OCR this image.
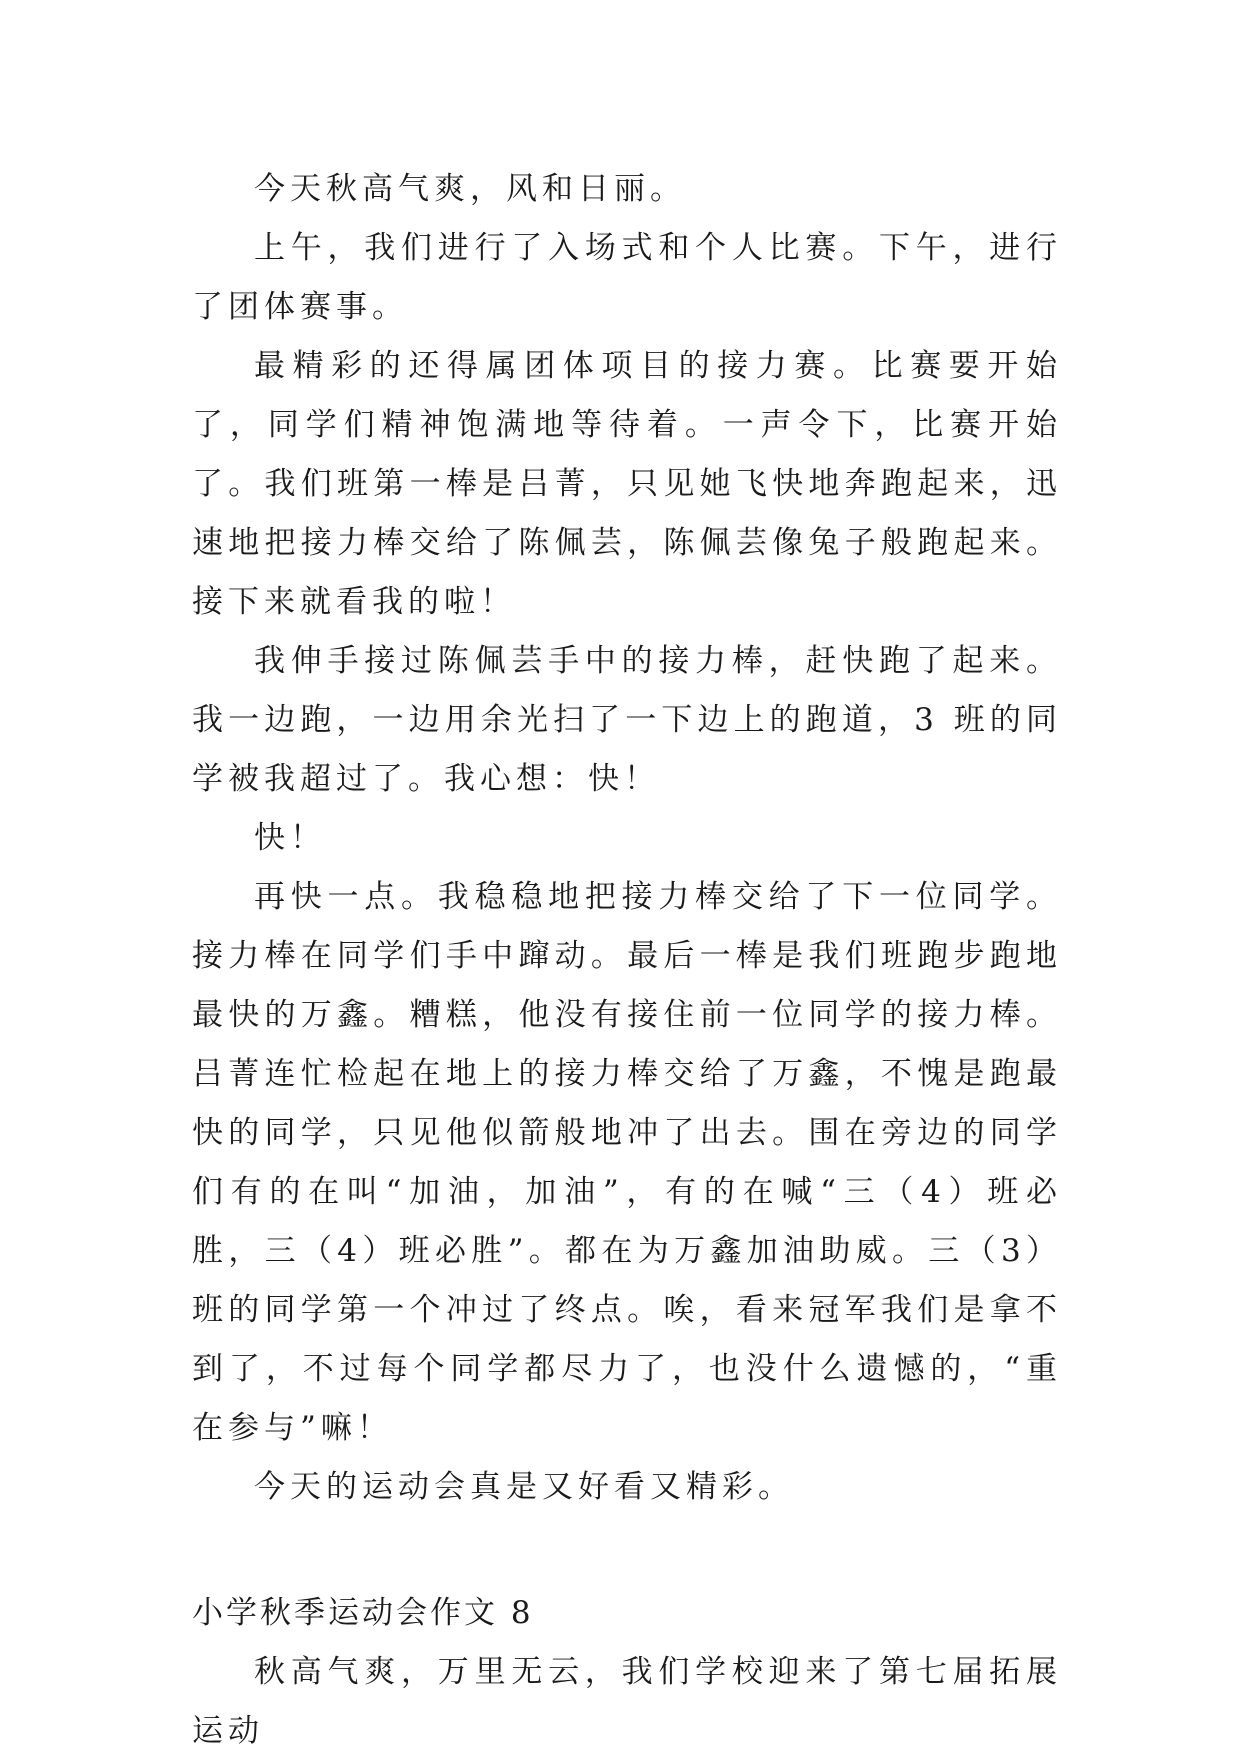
今天秋高气爽，风和日丽。

上午，我们进行了入场式和个人比赛。下午，进行了团体赛事。

最精彩的还得属团体项目的接力赛。比赛要开始了，同学们精神饱满地等待着。一声令下，比赛开始了。我们班第一棒是吕菁，只见她飞快地奔跑起来，迅速地把接力棒交给了陈佩芸，陈佩芸像兔子般跑起来。接下来就看我的啦！

我伸手接过陈佩芸手中的接力棒，赶快跑了起来。我一边跑，一边用余光扫了一下边上的跑道，3 班的同学被我超过了。我心想：快！

快！

再快一点。我稳稳地把接力棒交给了下一位同学。接力棒在同学们手中蹿动。最后一棒是我们班跑步跑地最快的万鑫。糟糕，他没有接住前一位同学的接力棒。吕菁连忙检起在地上的接力棒交给了万鑫，不愧是跑最快的同学，只见他似箭般地冲了出去。围在旁边的同学们有的在叫“加油，加油”，有的在喊“三（4）班必胜，三（4）班必胜”。都在为万鑫加油助威。三（3）班的同学第一个冲过了终点。唉，看来冠军我们是拿不到了，不过每个同学都尽力了，也没什么遗憾的，“重在参与”嘛！

今天的运动会真是又好看又精彩。

小学秋季运动会作文 8

秋高气爽，万里无云，我们学校迎来了第七届拓展运动
